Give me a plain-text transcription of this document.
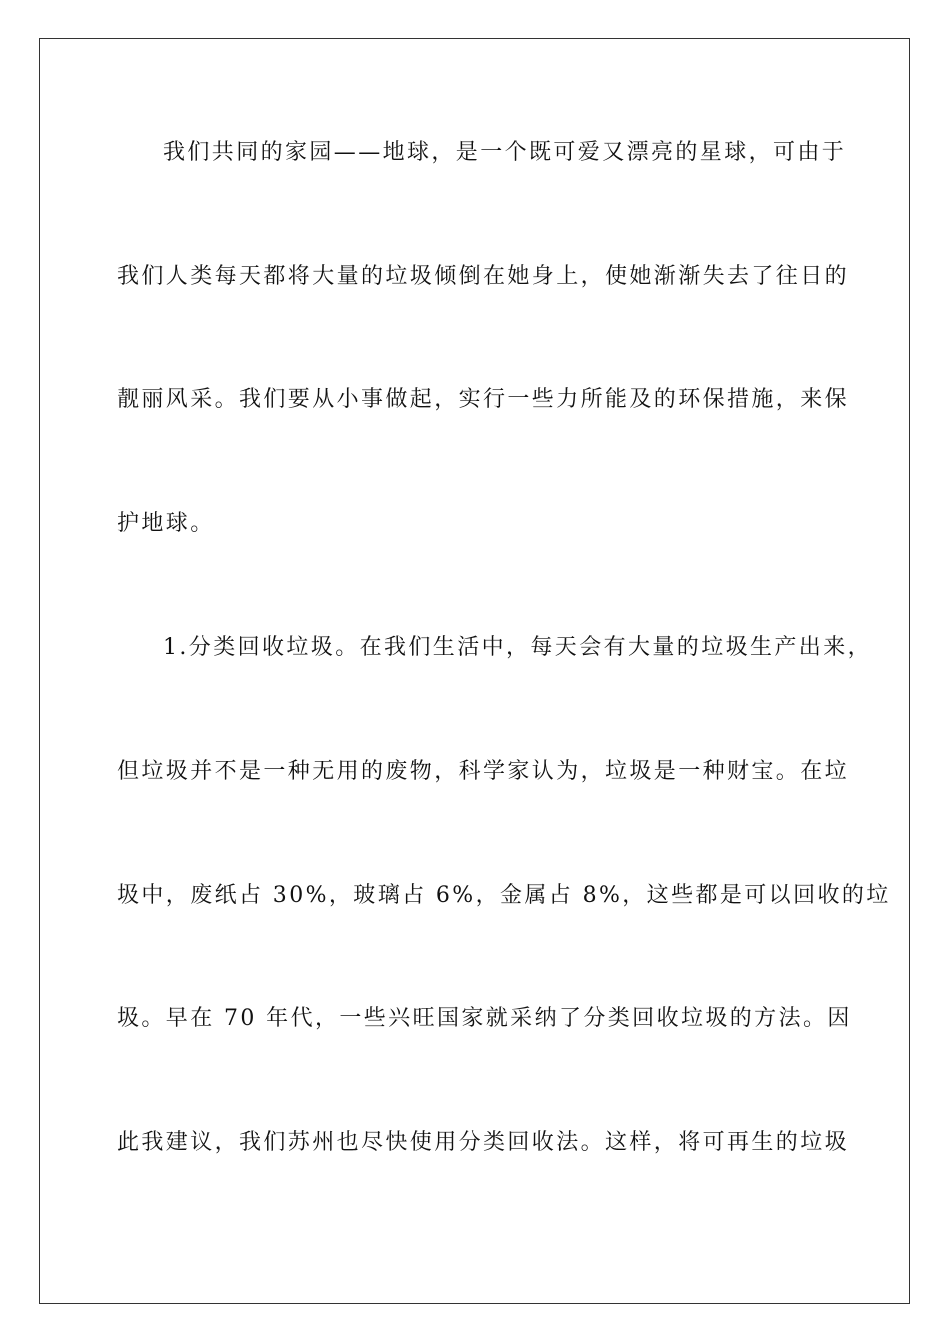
我们共同的家园——地球，是一个既可爱又漂亮的星球，可由于
我们人类每天都将大量的垃圾倾倒在她身上，使她渐渐失去了往日的
靓丽风采。我们要从小事做起，实行一些力所能及的环保措施，来保
护地球。
1.分类回收垃圾。在我们生活中，每天会有大量的垃圾生产出来，
但垃圾并不是一种无用的废物，科学家认为，垃圾是一种财宝。在垃
圾中，废纸占 30%，玻璃占 6%，金属占 8%，这些都是可以回收的垃
圾。早在 70 年代，一些兴旺国家就采纳了分类回收垃圾的方法。因
此我建议，我们苏州也尽快使用分类回收法。这样，将可再生的垃圾
